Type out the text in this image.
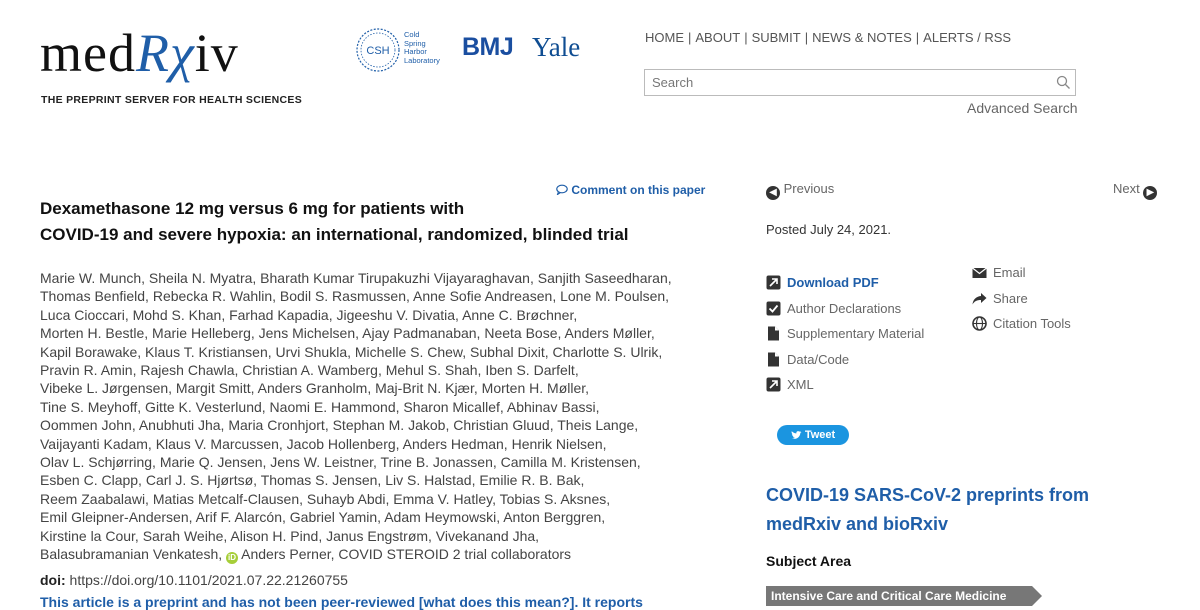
medRχiv
THE PREPRINT SERVER FOR HEALTH SCIENCES
CSH
Cold
Spring
Harbor
Laboratory BMJ Yale	HOME | ABOUT | SUBMIT | NEWS & NOTES | ALERTS / RSS
Search
Advanced Search
Comment on this paper
Dexamethasone 12 mg versus 6 mg for patients with
COVID-19 and severe hypoxia: an international, randomized, blinded trial
Marie W. Munch, Sheila N. Myatra, Bharath Kumar Tirupakuzhi Vijayaraghavan, Sanjith Saseedharan,
Thomas Benfield, Rebecka R. Wahlin, Bodil S. Rasmussen, Anne Sofie Andreasen, Lone M. Poulsen,
Luca Cioccari, Mohd S. Khan, Farhad Kapadia, Jigeeshu V. Divatia, Anne C. Brøchner,
Morten H. Bestle, Marie Helleberg, Jens Michelsen, Ajay Padmanaban, Neeta Bose, Anders Møller,
Kapil Borawake, Klaus T. Kristiansen, Urvi Shukla, Michelle S. Chew, Subhal Dixit, Charlotte S. Ulrik,
Pravin R. Amin, Rajesh Chawla, Christian A. Wamberg, Mehul S. Shah, Iben S. Darfelt,
Vibeke L. Jørgensen, Margit Smitt, Anders Granholm, Maj-Brit N. Kjær, Morten H. Møller,
Tine S. Meyhoff, Gitte K. Vesterlund, Naomi E. Hammond, Sharon Micallef, Abhinav Bassi,
Oommen John, Anubhuti Jha, Maria Cronhjort, Stephan M. Jakob, Christian Gluud, Theis Lange,
Vaijayanti Kadam, Klaus V. Marcussen, Jacob Hollenberg, Anders Hedman, Henrik Nielsen,
Olav L. Schjørring, Marie Q. Jensen, Jens W. Leistner, Trine B. Jonassen, Camilla M. Kristensen,
Esben C. Clapp, Carl J. S. Hjørtsø, Thomas S. Jensen, Liv S. Halstad, Emilie R. B. Bak,
Reem Zaabalawi, Matias Metcalf-Clausen, Suhayb Abdi, Emma V. Hatley, Tobias S. Aksnes,
Emil Gleipner-Andersen, Arif F. Alarcón, Gabriel Yamin, Adam Heymowski, Anton Berggren,
Kirstine la Cour, Sarah Weihe, Alison H. Pind, Janus Engstrøm, Vivekanand Jha,
Balasubramanian Venkatesh, iD Anders Perner, COVID STEROID 2 trial collaborators
doi: https://doi.org/10.1101/2021.07.22.21260755
This article is a preprint and has not been peer-reviewed [what does this mean?]. It reports
◀ Previous	Next ▶
Posted July 24, 2021.
Download PDF
Author Declarations
Supplementary Material
Data/Code
XML
Email
Share
Citation Tools
Tweet
COVID-19 SARS-CoV-2 preprints from medRxiv and bioRxiv
Subject Area
Intensive Care and Critical Care Medicine
